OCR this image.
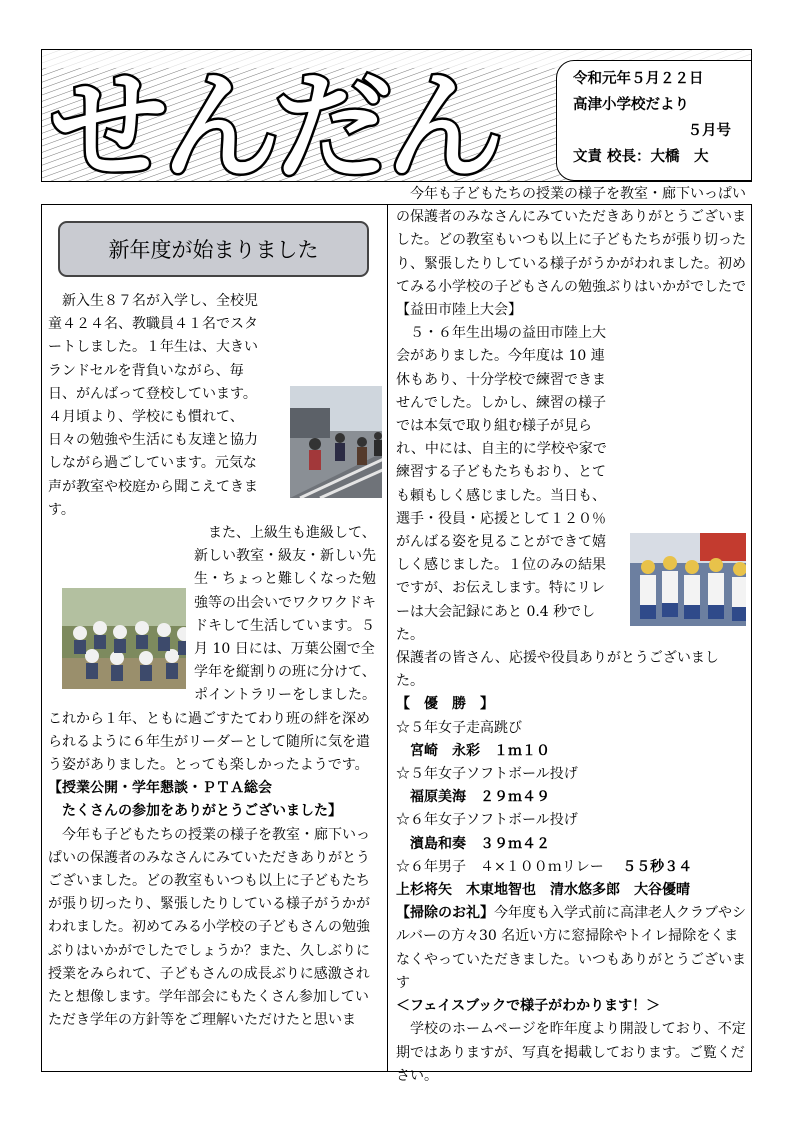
せんだん	令和元年５月２２日
高津小学校だより
５月号
文責 校長：大橋　大
新年度が始まりました

新入生８７名が入学し、全校児童４２４名、教職員４１名でスタートしました。１年生は、大きいランドセルを背負いながら、毎日、がんばって登校しています。４月頃より、学校にも慣れて、日々の勉強や生活にも友達と協力しながら過ごしています。元気な声が教室や校庭から聞こえてきます。

また、上級生も進級して、新しい教室・級友・新しい先生・ちょっと難しくなった勉強等の出会いでワクワクドキドキして生活しています。５月 10 日には、万葉公園で全学年を縦割りの班に分けて、ポイントラリーをしました。これから１年、ともに過ごすたてわり班の絆を深められるように６年生がリーダーとして随所に気を遣う姿がありました。とっても楽しかったようです。

【授業公開・学年懇談・ＰＴＡ総会

たくさんの参加をありがとうございました】

今年も子どもたちの授業の様子を教室・廊下いっぱいの保護者のみなさんにみていただきありがとうございました。どの教室もいつも以上に子どもたちが張り切ったり、緊張したりしている様子がうかがわれました。初めてみる小学校の子どもさんの勉強ぶりはいかがでしたでしょうか？また、久しぶりに授業をみられて、子どもさんの成長ぶりに感激されたと想像します。学年部会にもたくさん参加していただき学年の方針等をご理解いただけたと思いま

今年も子どもたちの授業の様子を教室・廊下いっぱいの保護者のみなさんにみていただきありがとうございました。どの教室もいつも以上に子どもたちが張り切ったり、緊張したりしている様子がうかがわれました。初めてみる小学校の子どもさんの勉強ぶりはいかがでしたで

【益田市陸上大会】

５・６年生出場の益田市陸上大会がありました。今年度は 10 連休もあり、十分学校で練習できませんでした。しかし、練習の様子では本気で取り組む様子が見られ、中には、自主的に学校や家で練習する子どもたちもおり、とても頼もしく感じました。当日も、選手・役員・応援として１２０％がんばる姿を見ることができて嬉しく感じました。１位のみの結果ですが、お伝えします。特にリレーは大会記録にあと 0.4 秒でした。
保護者の皆さん、応援や役員ありがとうございました。

【　優　勝　】

☆５年女子走高跳び

宮崎　永彩　１ｍ１０

☆５年女子ソフトボール投げ

福原美海　２９ｍ４９

☆６年女子ソフトボール投げ

濱島和奏　３９ｍ４２

☆６年男子　４×１００ｍリレー ５５秒３４

上杉将矢　木東地智也　清水悠多郎　大谷優晴

【掃除のお礼】今年度も入学式前に高津老人クラブやシルバーの方々30 名近い方に窓掃除やトイレ掃除をくまなくやっていただきました。いつもありがとうございます

＜フェイスブックで様子がわかります！＞

学校のホームページを昨年度より開設しており、不定期ではありますが、写真を掲載しております。ご覧ください。
